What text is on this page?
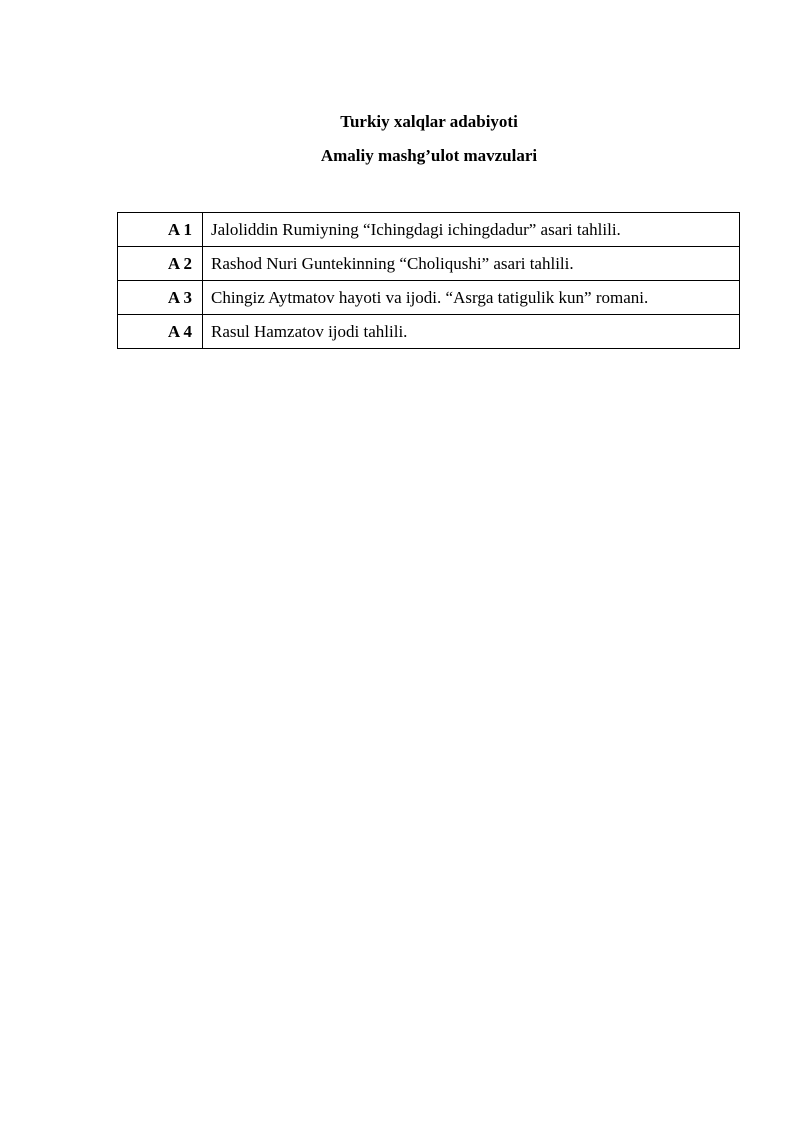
Turkiy xalqlar adabiyoti

Amaliy mashg’ulot mavzulari

A 1	Jaloliddin Rumiyning “Ichingdagi ichingdadur” asari tahlili.
A 2	Rashod Nuri Guntekinning “Choliqushi” asari tahlili.
A 3	Chingiz Aytmatov hayoti va ijodi. “Asrga tatigulik kun” romani.
A 4	Rasul Hamzatov ijodi tahlili.
